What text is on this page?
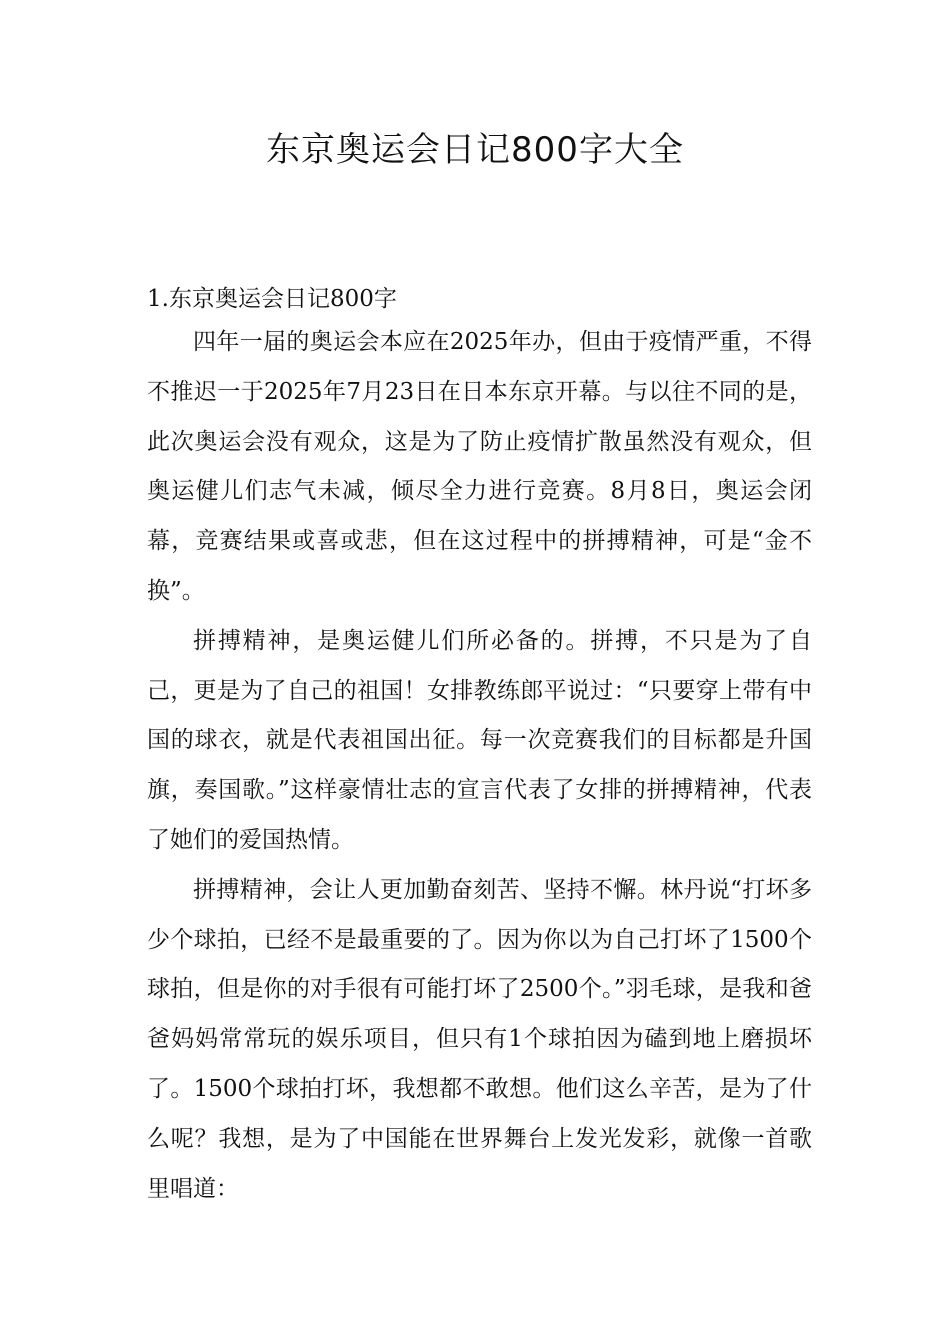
东京奥运会日记800字大全
1.东京奥运会日记800字

四年一届的奥运会本应在2025年办，但由于疫情严重，不得不推迟一于2025年7月23日在日本东京开幕。与以往不同的是，此次奥运会没有观众，这是为了防止疫情扩散虽然没有观众，但奥运健儿们志气未减，倾尽全力进行竞赛。8月8日，奥运会闭幕，竞赛结果或喜或悲，但在这过程中的拼搏精神，可是“金不换”。

拼搏精神，是奥运健儿们所必备的。拼搏，不只是为了自己，更是为了自己的祖国！女排教练郎平说过：“只要穿上带有中国的球衣，就是代表祖国出征。每一次竞赛我们的目标都是升国旗，奏国歌。”这样豪情壮志的宣言代表了女排的拼搏精神，代表了她们的爱国热情。

拼搏精神，会让人更加勤奋刻苦、坚持不懈。林丹说“打坏多少个球拍，已经不是最重要的了。因为你以为自己打坏了1500个球拍，但是你的对手很有可能打坏了2500个。”羽毛球，是我和爸爸妈妈常常玩的娱乐项目，但只有1个球拍因为磕到地上磨损坏了。1500个球拍打坏，我想都不敢想。他们这么辛苦，是为了什么呢？我想，是为了中国能在世界舞台上发光发彩，就像一首歌里唱道：
